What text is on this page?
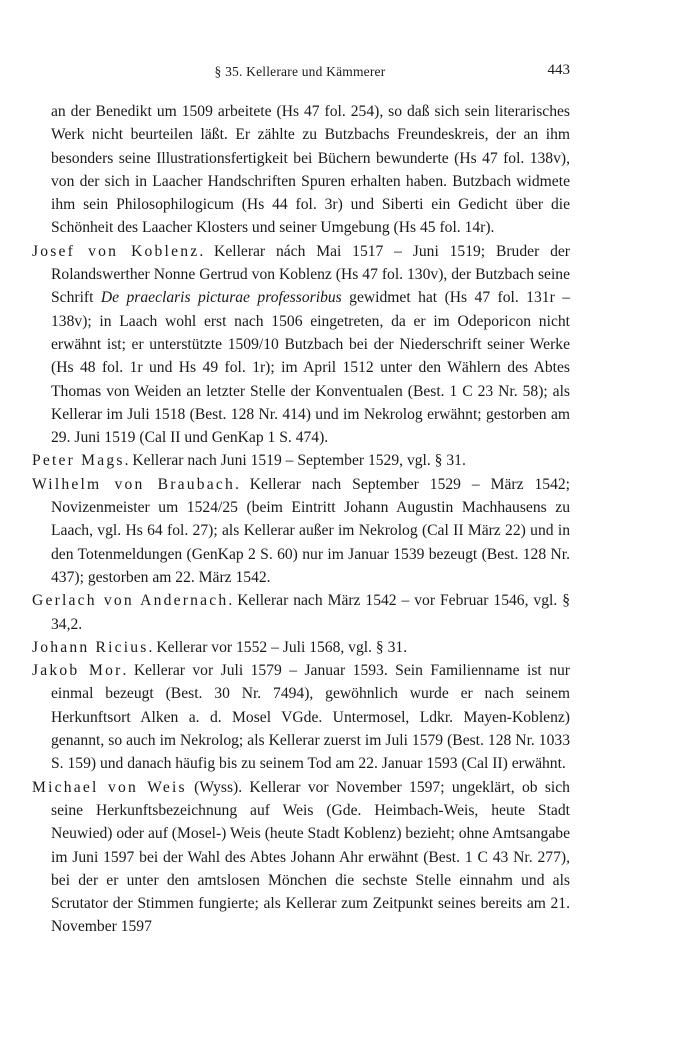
§ 35. Kellerare und Kämmerer	443

an der Benedikt um 1509 arbeitete (Hs 47 fol. 254), so daß sich sein literarisches Werk nicht beurteilen läßt. Er zählte zu Butzbachs Freundeskreis, der an ihm besonders seine Illustrationsfertigkeit bei Büchern bewunderte (Hs 47 fol. 138v), von der sich in Laacher Handschriften Spuren erhalten haben. Butzbach widmete ihm sein Philosophilogicum (Hs 44 fol. 3r) und Siberti ein Gedicht über die Schönheit des Laacher Klosters und seiner Umgebung (Hs 45 fol. 14r).

Josef von Koblenz. Kellerar nách Mai 1517 – Juni 1519; Bruder der Rolandswerther Nonne Gertrud von Koblenz (Hs 47 fol. 130v), der Butzbach seine Schrift De praeclaris picturae professoribus gewidmet hat (Hs 47 fol. 131r – 138v); in Laach wohl erst nach 1506 eingetreten, da er im Odeporicon nicht erwähnt ist; er unterstützte 1509/10 Butzbach bei der Niederschrift seiner Werke (Hs 48 fol. 1r und Hs 49 fol. 1r); im April 1512 unter den Wählern des Abtes Thomas von Weiden an letzter Stelle der Konventualen (Best. 1 C 23 Nr. 58); als Kellerar im Juli 1518 (Best. 128 Nr. 414) und im Nekrolog erwähnt; gestorben am 29. Juni 1519 (Cal II und GenKap 1 S. 474).

Peter Mags. Kellerar nach Juni 1519 – September 1529, vgl. § 31.

Wilhelm von Braubach. Kellerar nach September 1529 – März 1542; Novizenmeister um 1524/25 (beim Eintritt Johann Augustin Machhausens zu Laach, vgl. Hs 64 fol. 27); als Kellerar außer im Nekrolog (Cal II März 22) und in den Totenmeldungen (GenKap 2 S. 60) nur im Januar 1539 bezeugt (Best. 128 Nr. 437); gestorben am 22. März 1542.

Gerlach von Andernach. Kellerar nach März 1542 – vor Februar 1546, vgl. § 34,2.

Johann Ricius. Kellerar vor 1552 – Juli 1568, vgl. § 31.

Jakob Mor. Kellerar vor Juli 1579 – Januar 1593. Sein Familienname ist nur einmal bezeugt (Best. 30 Nr. 7494), gewöhnlich wurde er nach seinem Herkunftsort Alken a. d. Mosel VGde. Untermosel, Ldkr. Mayen-Koblenz) genannt, so auch im Nekrolog; als Kellerar zuerst im Juli 1579 (Best. 128 Nr. 1033 S. 159) und danach häufig bis zu seinem Tod am 22. Januar 1593 (Cal II) erwähnt.

Michael von Weis (Wyss). Kellerar vor November 1597; ungeklärt, ob sich seine Herkunftsbezeichnung auf Weis (Gde. Heimbach-Weis, heute Stadt Neuwied) oder auf (Mosel-) Weis (heute Stadt Koblenz) bezieht; ohne Amtsangabe im Juni 1597 bei der Wahl des Abtes Johann Ahr erwähnt (Best. 1 C 43 Nr. 277), bei der er unter den amtslosen Mönchen die sechste Stelle einnahm und als Scrutator der Stimmen fungierte; als Kellerar zum Zeitpunkt seines bereits am 21. November 1597
